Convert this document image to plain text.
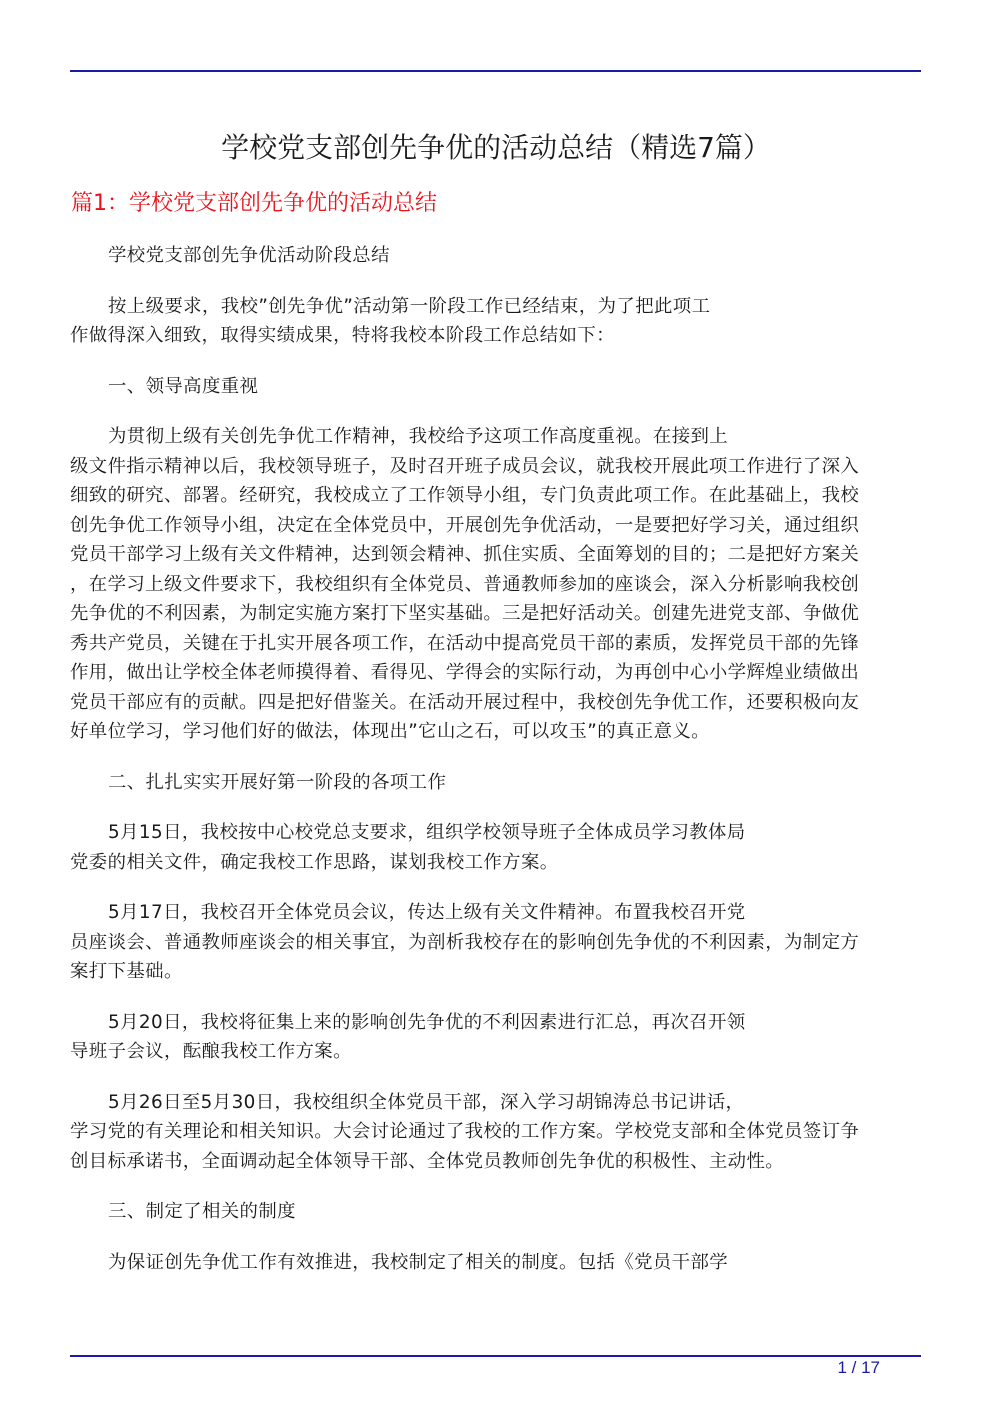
学校党支部创先争优的活动总结（精选7篇）
篇1：学校党支部创先争优的活动总结
学校党支部创先争优活动阶段总结
按上级要求，我校”创先争优”活动第一阶段工作已经结束，为了把此项工
作做得深入细致，取得实绩成果，特将我校本阶段工作总结如下：
一、领导高度重视
为贯彻上级有关创先争优工作精神，我校给予这项工作高度重视。在接到上
级文件指示精神以后，我校领导班子，及时召开班子成员会议，就我校开展此项工作进行了深入
细致的研究、部署。经研究，我校成立了工作领导小组，专门负责此项工作。在此基础上，我校
创先争优工作领导小组，决定在全体党员中，开展创先争优活动，一是要把好学习关，通过组织
党员干部学习上级有关文件精神，达到领会精神、抓住实质、全面筹划的目的；二是把好方案关
，在学习上级文件要求下，我校组织有全体党员、普通教师参加的座谈会，深入分析影响我校创
先争优的不利因素，为制定实施方案打下坚实基础。三是把好活动关。创建先进党支部、争做优
秀共产党员，关键在于扎实开展各项工作，在活动中提高党员干部的素质，发挥党员干部的先锋
作用，做出让学校全体老师摸得着、看得见、学得会的实际行动，为再创中心小学辉煌业绩做出
党员干部应有的贡献。四是把好借鉴关。在活动开展过程中，我校创先争优工作，还要积极向友
好单位学习，学习他们好的做法，体现出”它山之石，可以攻玉”的真正意义。
二、扎扎实实开展好第一阶段的各项工作
5月15日，我校按中心校党总支要求，组织学校领导班子全体成员学习教体局
党委的相关文件，确定我校工作思路，谋划我校工作方案。
5月17日，我校召开全体党员会议，传达上级有关文件精神。布置我校召开党
员座谈会、普通教师座谈会的相关事宜，为剖析我校存在的影响创先争优的不利因素，为制定方
案打下基础。
5月20日，我校将征集上来的影响创先争优的不利因素进行汇总，再次召开领
导班子会议，酝酿我校工作方案。
5月26日至5月30日，我校组织全体党员干部，深入学习胡锦涛总书记讲话，
学习党的有关理论和相关知识。大会讨论通过了我校的工作方案。学校党支部和全体党员签订争
创目标承诺书，全面调动起全体领导干部、全体党员教师创先争优的积极性、主动性。
三、制定了相关的制度
为保证创先争优工作有效推进，我校制定了相关的制度。包括《党员干部学
1 / 17
